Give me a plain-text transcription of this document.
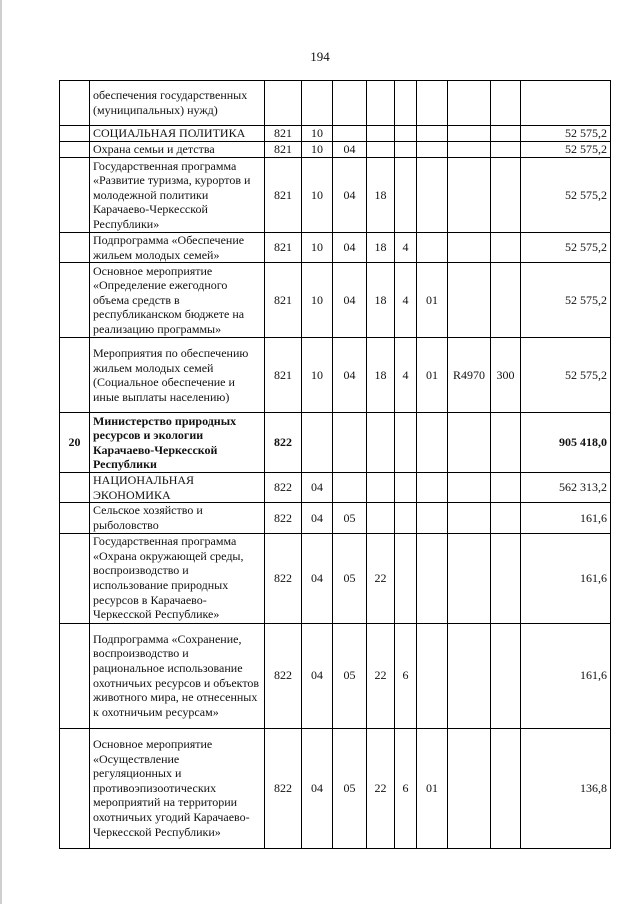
194
	обеспечения государственных (муниципальных) нужд)									
	СОЦИАЛЬНАЯ ПОЛИТИКА	821	10							52 575,2
	Охрана семьи и детства	821	10	04						52 575,2
	Государственная программа «Развитие туризма, курортов и молодежной политики Карачаево-Черкесской Республики»	821	10	04	18					52 575,2
	Подпрограмма «Обеспечение жильем молодых семей»	821	10	04	18	4				52 575,2
	Основное мероприятие «Определение ежегодного объема средств в республиканском бюджете на реализацию программы»	821	10	04	18	4	01			52 575,2
	Мероприятия по обеспечению жильем молодых семей (Социальное обеспечение и иные выплаты населению)	821	10	04	18	4	01	R4970	300	52 575,2
20	Министерство природных ресурсов и экологии Карачаево-Черкесской Республики	822								905 418,0
	НАЦИОНАЛЬНАЯ ЭКОНОМИКА	822	04							562 313,2
	Сельское хозяйство и рыболовство	822	04	05						161,6
	Государственная программа «Охрана окружающей среды, воспроизводство и использование природных ресурсов в Карачаево-Черкесской Республике»	822	04	05	22					161,6
	Подпрограмма «Сохранение, воспроизводство и рациональное использование охотничьих ресурсов и объектов животного мира, не отнесенных к охотничьим ресурсам»	822	04	05	22	6				161,6
	Основное мероприятие «Осуществление регуляционных и противоэпизоотических мероприятий на территории охотничьих угодий Карачаево-Черкесской Республики»	822	04	05	22	6	01			136,8
